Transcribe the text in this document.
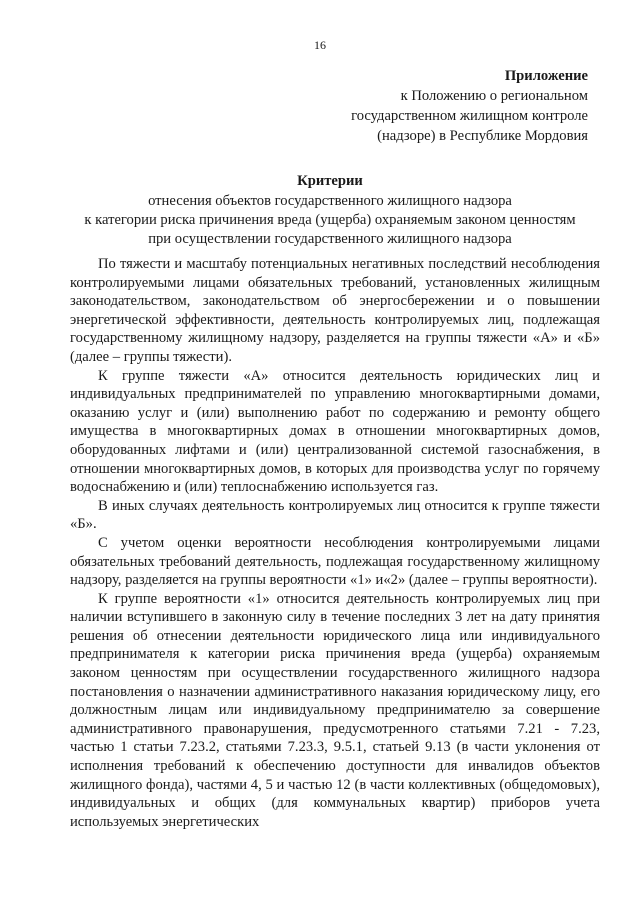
16
Приложение
к Положению о региональном
государственном жилищном контроле
(надзоре) в Республике Мордовия
Критерии
отнесения объектов государственного жилищного надзора
к категории риска причинения вреда (ущерба) охраняемым законом ценностям
при осуществлении государственного жилищного надзора

По тяжести и масштабу потенциальных негативных последствий несоблюдения контролируемыми лицами обязательных требований, установленных жилищным законодательством, законодательством об энергосбережении и о повышении энергетической эффективности, деятельность контролируемых лиц, подлежащая государственному жилищному надзору, разделяется на группы тяжести «А» и «Б» (далее – группы тяжести).

К группе тяжести «А» относится деятельность юридических лиц и индивидуальных предпринимателей по управлению многоквартирными домами, оказанию услуг и (или) выполнению работ по содержанию и ремонту общего имущества в многоквартирных домах в отношении многоквартирных домов, оборудованных лифтами и (или) централизованной системой газоснабжения, в отношении многоквартирных домов, в которых для производства услуг по горячему водоснабжению и (или) теплоснабжению используется газ.

В иных случаях деятельность контролируемых лиц относится к группе тяжести «Б».

С учетом оценки вероятности несоблюдения контролируемыми лицами обязательных требований деятельность, подлежащая государственному жилищному надзору, разделяется на группы вероятности «1» и«2» (далее – группы вероятности).

К группе вероятности «1» относится деятельность контролируемых лиц при наличии вступившего в законную силу в течение последних 3 лет на дату принятия решения об отнесении деятельности юридического лица или индивидуального предпринимателя к категории риска причинения вреда (ущерба) охраняемым законом ценностям при осуществлении государственного жилищного надзора постановления о назначении административного наказания юридическому лицу, его должностным лицам или индивидуальному предпринимателю за совершение административного правонарушения, предусмотренного статьями 7.21 - 7.23, частью 1 статьи 7.23.2, статьями 7.23.3, 9.5.1, статьей 9.13 (в части уклонения от исполнения требований к обеспечению доступности для инвалидов объектов жилищного фонда), частями 4, 5 и частью 12 (в части коллективных (общедомовых), индивидуальных и общих (для коммунальных квартир) приборов учета используемых энергетических
